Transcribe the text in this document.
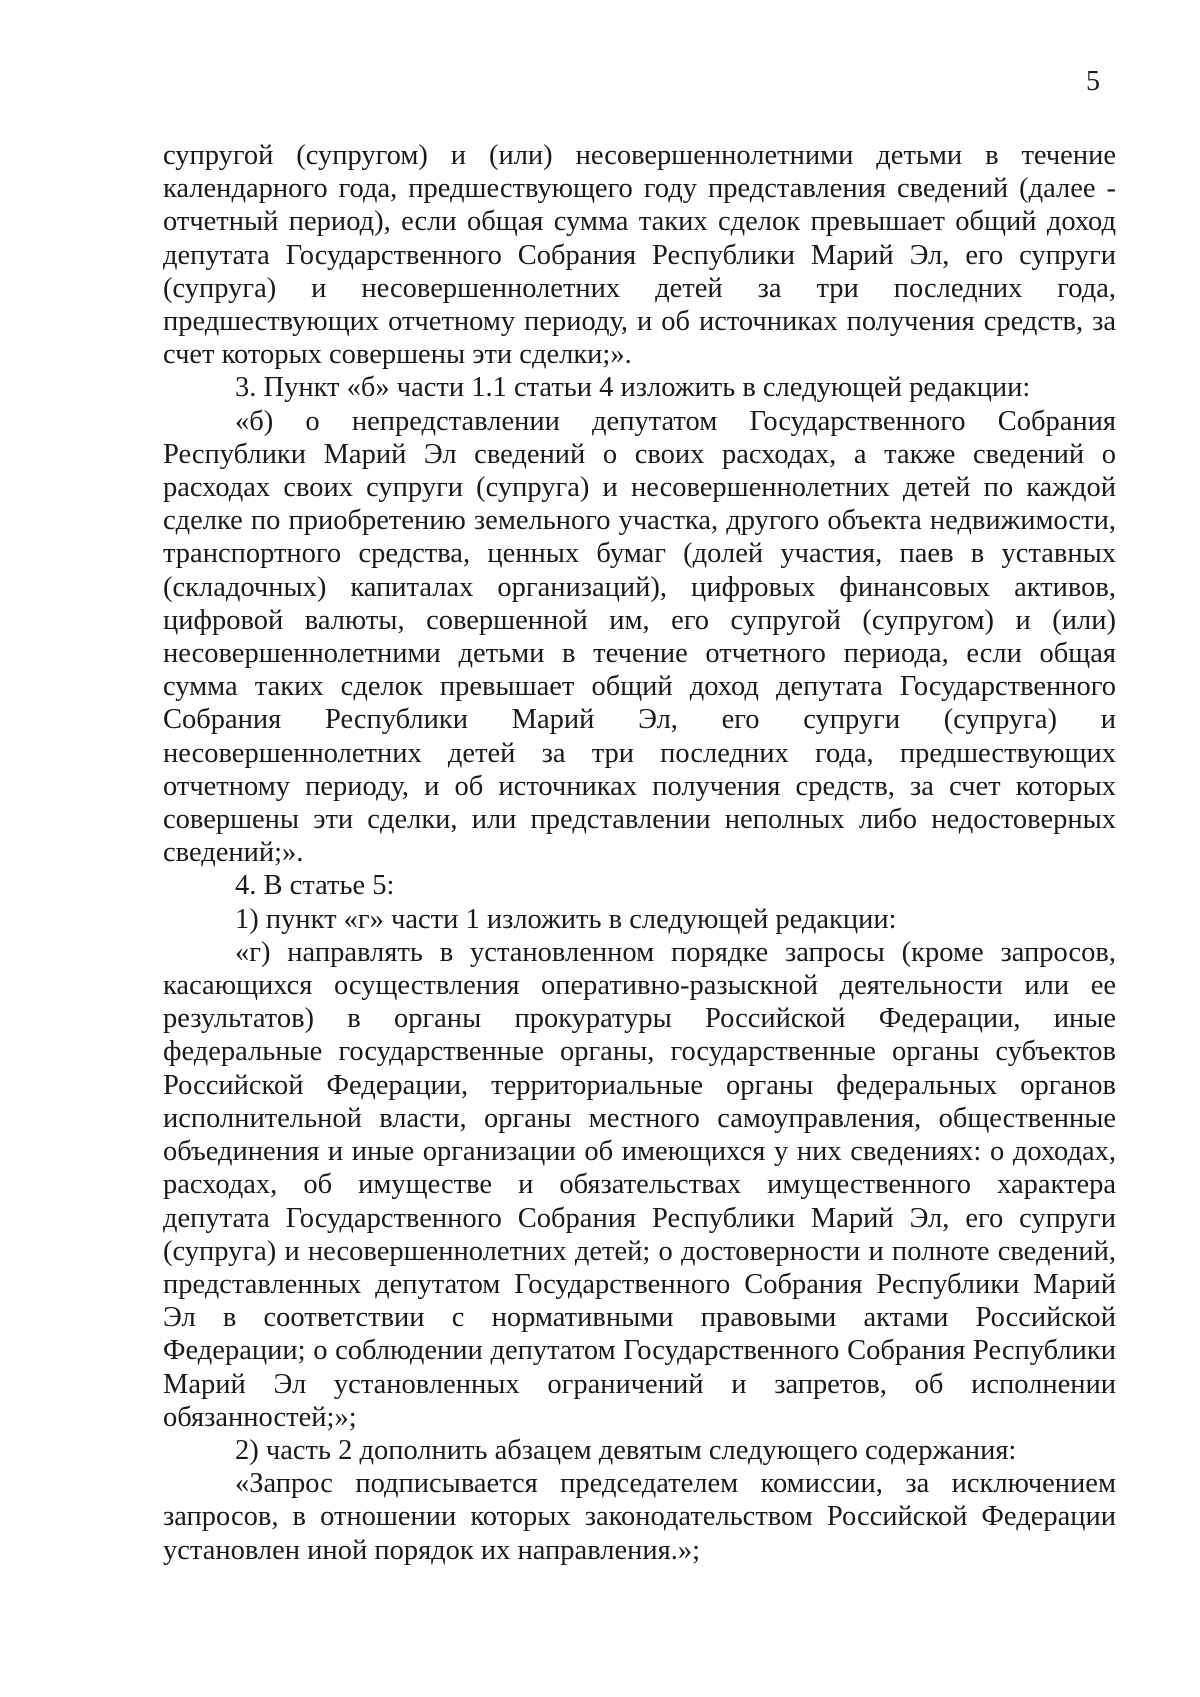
5

супругой (супругом) и (или) несовершеннолетними детьми в течение календарного года, предшествующего году представления сведений (далее - отчетный период), если общая сумма таких сделок превышает общий доход депутата Государственного Собрания Республики Марий Эл, его супруги (супруга) и несовершеннолетних детей за три последних года, предшествующих отчетному периоду, и об источниках получения средств, за счет которых совершены эти сделки;».

3. Пункт «б» части 1.1 статьи 4 изложить в следующей редакции:

«б) о непредставлении депутатом Государственного Собрания Республики Марий Эл сведений о своих расходах, а также сведений о расходах своих супруги (супруга) и несовершеннолетних детей по каждой сделке по приобретению земельного участка, другого объекта недвижимости, транспортного средства, ценных бумаг (долей участия, паев в уставных (складочных) капиталах организаций), цифровых финансовых активов, цифровой валюты, совершенной им, его супругой (супругом) и (или) несовершеннолетними детьми в течение отчетного периода, если общая сумма таких сделок превышает общий доход депутата Государственного Собрания Республики Марий Эл, его супруги (супруга) и несовершеннолетних детей за три последних года, предшествующих отчетному периоду, и об источниках получения средств, за счет которых совершены эти сделки, или представлении неполных либо недостоверных сведений;».

4. В статье 5:

1) пункт «г» части 1 изложить в следующей редакции:

«г) направлять в установленном порядке запросы (кроме запросов, касающихся осуществления оперативно-разыскной деятельности или ее результатов) в органы прокуратуры Российской Федерации, иные федеральные государственные органы, государственные органы субъектов Российской Федерации, территориальные органы федеральных органов исполнительной власти, органы местного самоуправления, общественные объединения и иные организации об имеющихся у них сведениях: о доходах, расходах, об имуществе и обязательствах имущественного характера депутата Государственного Собрания Республики Марий Эл, его супруги (супруга) и несовершеннолетних детей; о достоверности и полноте сведений, представленных депутатом Государственного Собрания Республики Марий Эл в соответствии с нормативными правовыми актами Российской Федерации; о соблюдении депутатом Государственного Собрания Республики Марий Эл установленных ограничений и запретов, об исполнении обязанностей;»;

2) часть 2 дополнить абзацем девятым следующего содержания:

«Запрос подписывается председателем комиссии, за исключением запросов, в отношении которых законодательством Российской Федерации установлен иной порядок их направления.»;
